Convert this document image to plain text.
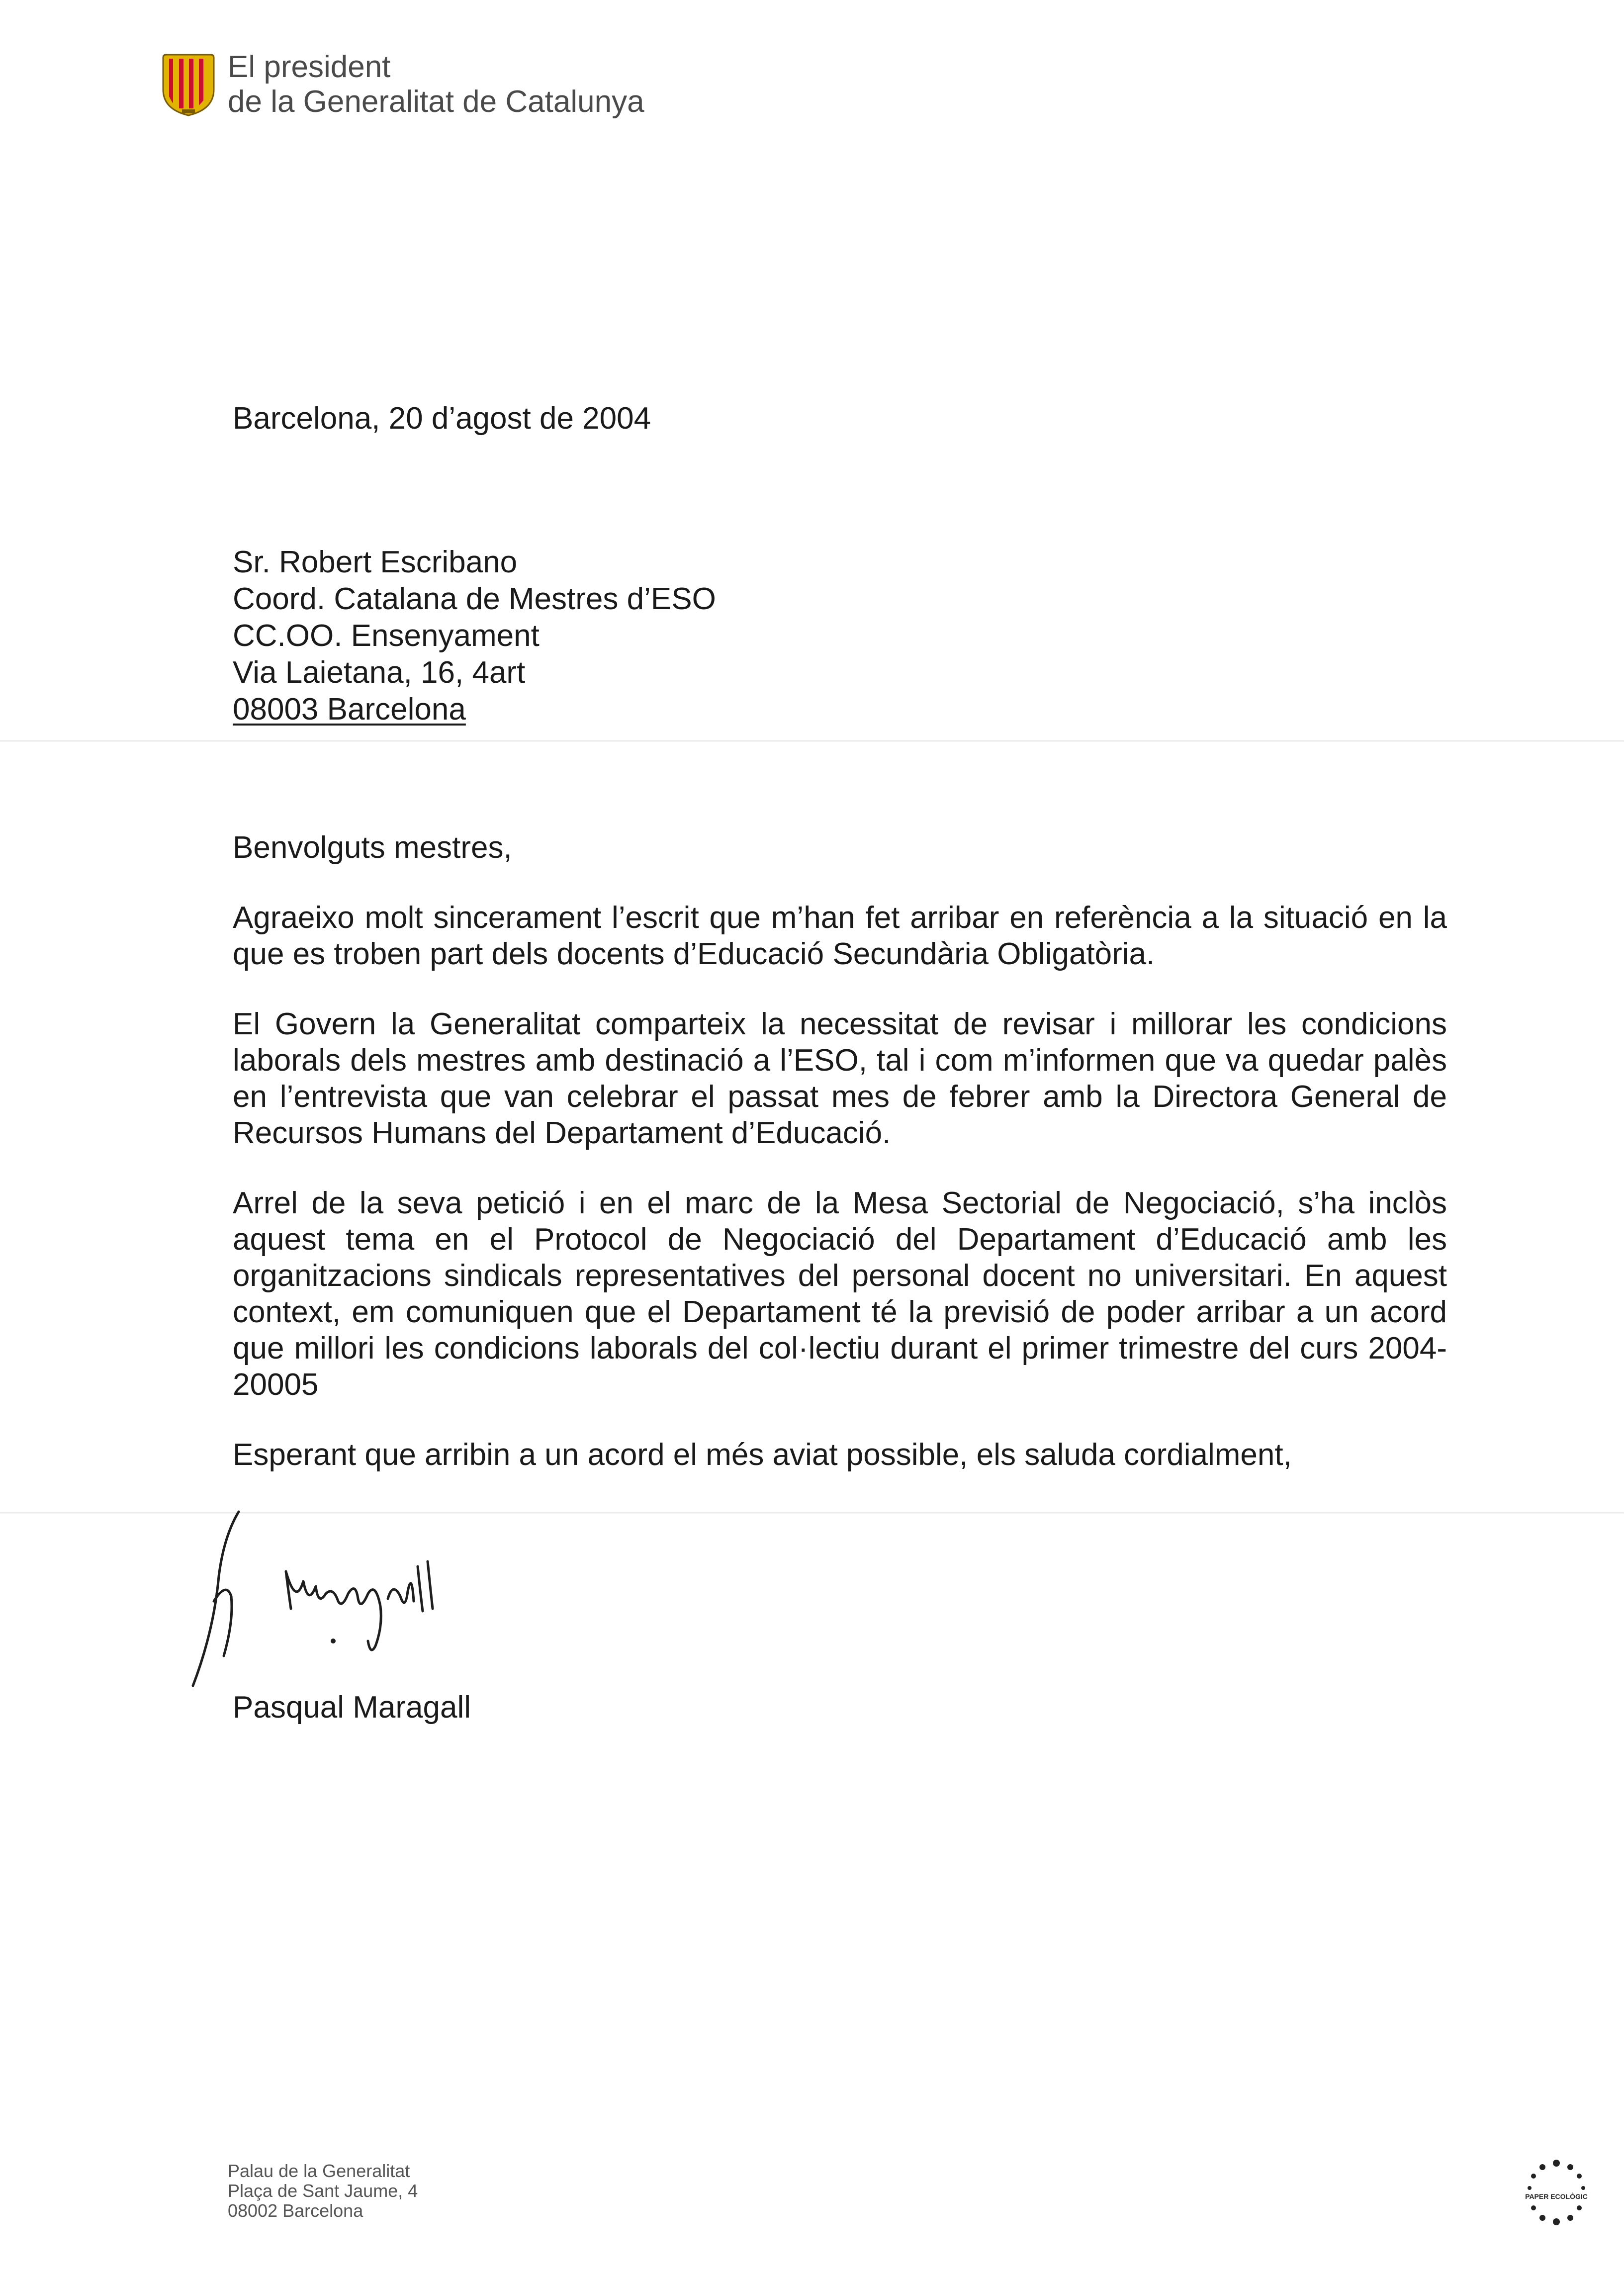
El president
de la Generalitat de Catalunya
Barcelona, 20 d’agost de 2004
Sr. Robert Escribano
Coord. Catalana de Mestres d’ESO
CC.OO. Ensenyament
Via Laietana, 16, 4art
08003 Barcelona

Benvolguts mestres,

Agraeixo molt sincerament l’escrit que m’han fet arribar en referència a la situació en la que es troben part dels docents d’Educació Secundària Obligatòria.

El Govern la Generalitat comparteix la necessitat de revisar i millorar les condicions laborals dels mestres amb destinació a l’ESO, tal i com m’informen que va quedar palès en l’entrevista que van celebrar el passat mes de febrer amb la Directora General de Recursos Humans del Departament d’Educació.

Arrel de la seva petició i en el marc de la Mesa Sectorial de Negociació, s’ha inclòs aquest tema en el Protocol de Negociació del Departament d’Educació amb les organitzacions sindicals representatives del personal docent no universitari. En aquest context, em comuniquen que el Departament té la previsió de poder arribar a un acord que millori les condicions laborals del col·lectiu durant el primer trimestre del curs 2004-20005

Esperant que arribin a un acord el més aviat possible, els saluda cordialment,

Pasqual Maragall
Palau de la Generalitat
Plaça de Sant Jaume, 4
08002 Barcelona
PAPER ECOLÒGIC
